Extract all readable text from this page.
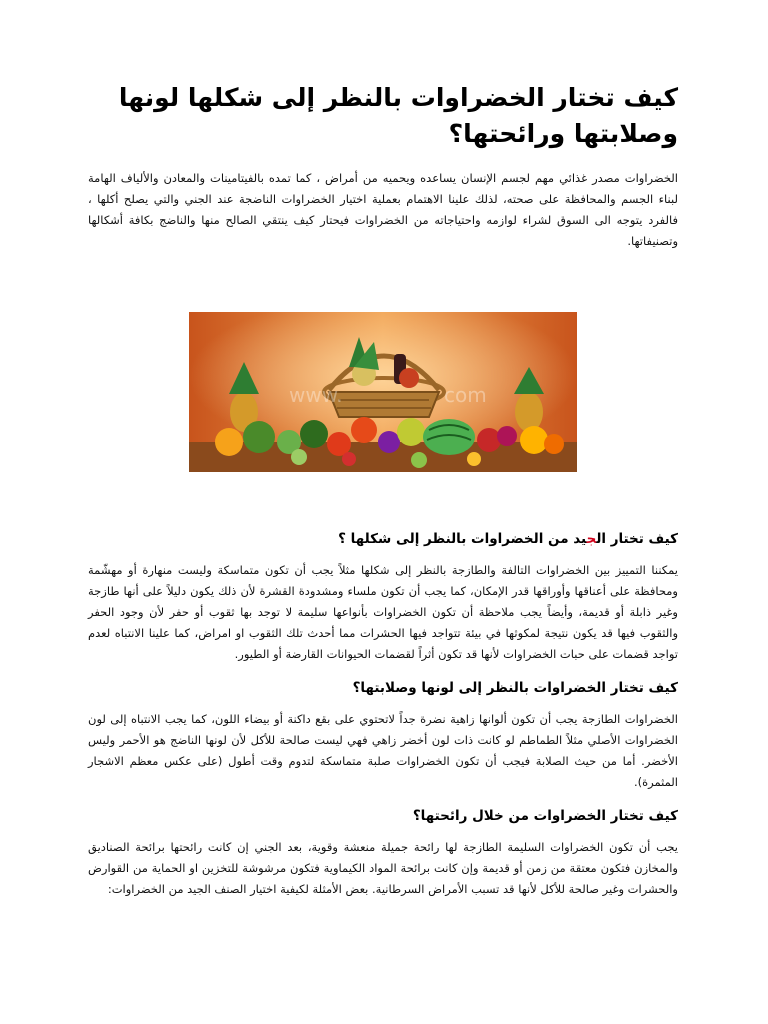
كيف تختار الخضراوات بالنظر إلى شكلها لونها وصلابتها ورائحتها؟

الخضراوات مصدر غذائي مهم لجسم الإنسان يساعده ويحميه من أمراض ، كما تمده بالفيتامينات والمعادن والألياف الهامة لبناء الجسم والمحافظة على صحته، لذلك علينا الاهتمام بعملية اختيار الخضراوات الناضجة عند الجني والتي يصلح أكلها ، فالفرد يتوجه الى السوق لشراء لوازمه واحتياجاته من الخضراوات فيحتار كيف ينتقي الصالح منها والناضج بكافة أشكالها وتصنيفاتها.

www.	com
كيف تختار الجيد من الخضراوات بالنظر إلى شكلها ؟

يمكننا التمييز بين الخضراوات التالفة والطازجة بالنظر إلى شكلها مثلاً يجب أن تكون متماسكة وليست منهارة أو مهشّمة ومحافظة على أعناقها وأوراقها قدر الإمكان، كما يجب أن تكون ملساء ومشدودة القشرة لأن ذلك يكون دليلاً على أنها طازجة وغير ذابلة أو قديمة، وأيضاً يجب ملاحظة أن تكون الخضراوات بأنواعها سليمة لا توجد بها ثقوب أو حفر لأن وجود الحفر والثقوب فيها قد يكون نتيجة لمكوثها في بيئة تتواجد فيها الحشرات مما أحدث تلك الثقوب او امراض، كما علينا الانتباه لعدم تواجد قضمات على حبات الخضراوات لأنها قد تكون أثراً لقضمات الحيوانات القارضة أو الطيور.

كيف تختار الخضراوات بالنظر إلى لونها وصلابتها؟

الخضراوات الطازجة يجب أن تكون ألوانها زاهية نضرة جداً لاتحتوي على بقع داكنة أو بيضاء اللون، كما يجب الانتباه إلى لون الخضراوات الأصلي مثلاً الطماطم لو كانت ذات لون أخضر زاهي فهي ليست صالحة للأكل لأن لونها الناضج هو الأحمر وليس الأخضر. أما من حيث الصلابة فيجب أن تكون الخضراوات صلبة متماسكة لتدوم وقت أطول (على عكس معظم الاشجار المثمرة).

كيف تختار الخضراوات من خلال رائحتها؟

يجب أن تكون الخضراوات السليمة الطازجة لها رائحة جميلة منعشة وقوية، بعد الجني إن كانت رائحتها برائحة الصناديق والمخازن فتكون معتقة من زمن أو قديمة وإن كانت برائحة المواد الكيماوية فتكون مرشوشة للتخزين او الحماية من القوارض والحشرات وغير صالحة للأكل لأنها قد تسبب الأمراض السرطانية. بعض الأمثلة لكيفية اختيار الصنف الجيد من الخضراوات:
